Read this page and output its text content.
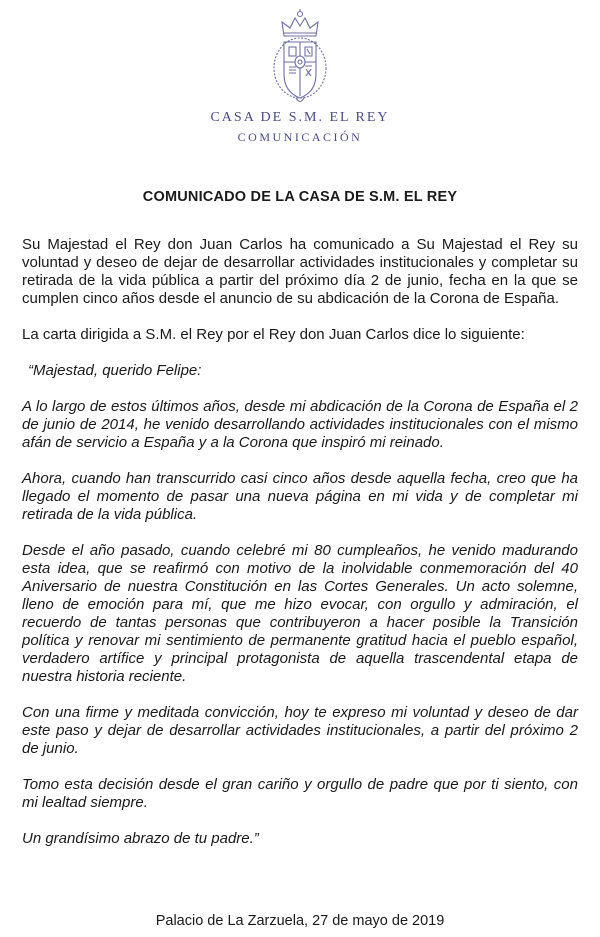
CASA DE S.M. EL REY
COMUNICACIÓN
COMUNICADO DE LA CASA DE S.M. EL REY

Su Majestad el Rey don Juan Carlos ha comunicado a Su Majestad el Rey su voluntad y deseo de dejar de desarrollar actividades institucionales y completar su retirada de la vida pública a partir del próximo día 2 de junio, fecha en la que se cumplen cinco años desde el anuncio de su abdicación de la Corona de España.

La carta dirigida a S.M. el Rey por el Rey don Juan Carlos dice lo siguiente:

“Majestad, querido Felipe:

A lo largo de estos últimos años, desde mi abdicación de la Corona de España el 2 de junio de 2014, he venido desarrollando actividades institucionales con el mismo afán de servicio a España y a la Corona que inspiró mi reinado.

Ahora, cuando han transcurrido casi cinco años desde aquella fecha, creo que ha llegado el momento de pasar una nueva página en mi vida y de completar mi retirada de la vida pública.

Desde el año pasado, cuando celebré mi 80 cumpleaños, he venido madurando esta idea, que se reafirmó con motivo de la inolvidable conmemoración del 40 Aniversario de nuestra Constitución en las Cortes Generales. Un acto solemne, lleno de emoción para mí, que me hizo evocar, con orgullo y admiración, el recuerdo de tantas personas que contribuyeron a hacer posible la Transición política y renovar mi sentimiento de permanente gratitud hacia el pueblo español, verdadero artífice y principal protagonista de aquella trascendental etapa de nuestra historia reciente.

Con una firme y meditada convicción, hoy te expreso mi voluntad y deseo de dar este paso y dejar de desarrollar actividades institucionales, a partir del próximo 2 de junio.

Tomo esta decisión desde el gran cariño y orgullo de padre que por ti siento, con mi lealtad siempre.

Un grandísimo abrazo de tu padre.”

Palacio de La Zarzuela, 27 de mayo de 2019
